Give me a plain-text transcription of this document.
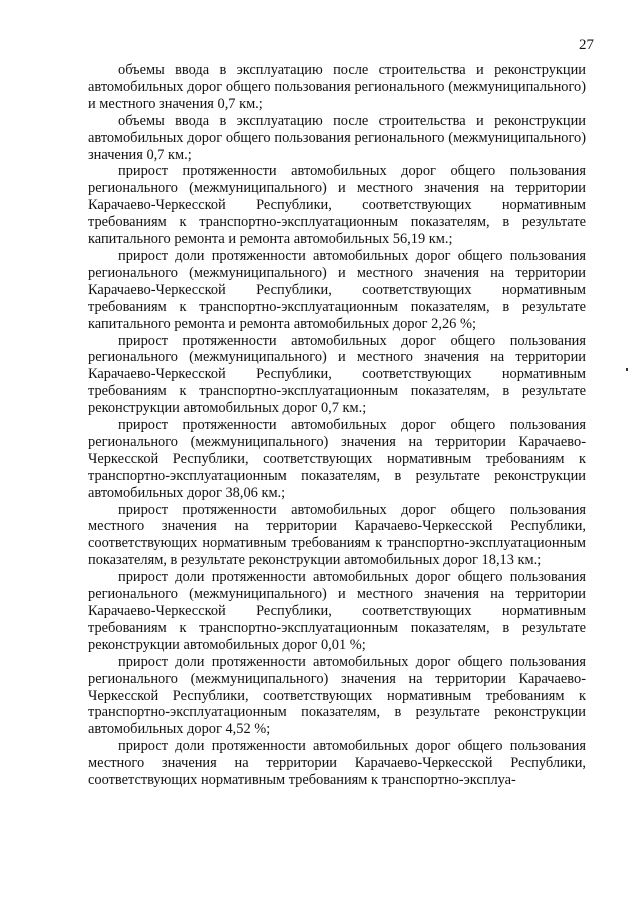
27

объемы ввода в эксплуатацию после строительства и реконструкции автомобильных дорог общего пользования регионального (межмуниципального) и местного значения 0,7 км.;

объемы ввода в эксплуатацию после строительства и реконструкции автомобильных дорог общего пользования регионального (межмуниципального) значения 0,7 км.;

прирост протяженности автомобильных дорог общего пользования регионального (межмуниципального) и местного значения на территории Карачаево-Черкесской Республики, соответствующих нормативным требованиям к транспортно-эксплуатационным показателям, в результате капитального ремонта и ремонта автомобильных 56,19 км.;

прирост доли протяженности автомобильных дорог общего пользования регионального (межмуниципального) и местного значения на территории Карачаево-Черкесской Республики, соответствующих нормативным требованиям к транспортно-эксплуатационным показателям, в результате капитального ремонта и ремонта автомобильных дорог 2,26 %;

прирост протяженности автомобильных дорог общего пользования регионального (межмуниципального) и местного значения на территории Карачаево-Черкесской Республики, соответствующих нормативным требованиям к транспортно-эксплуатационным показателям, в результате реконструкции автомобильных дорог 0,7 км.;

прирост протяженности автомобильных дорог общего пользования регионального (межмуниципального) значения на территории Карачаево-Черкесской Республики, соответствующих нормативным требованиям к транспортно-эксплуатационным показателям, в результате реконструкции автомобильных дорог 38,06 км.;

прирост протяженности автомобильных дорог общего пользования местного значения на территории Карачаево-Черкесской Республики, соответствующих нормативным требованиям к транспортно-эксплуатационным показателям, в результате реконструкции автомобильных дорог 18,13 км.;

прирост доли протяженности автомобильных дорог общего пользования регионального (межмуниципального) и местного значения на территории Карачаево-Черкесской Республики, соответствующих нормативным требованиям к транспортно-эксплуатационным показателям, в результате реконструкции автомобильных дорог 0,01 %;

прирост доли протяженности автомобильных дорог общего пользования регионального (межмуниципального) значения на территории Карачаево-Черкесской Республики, соответствующих нормативным требованиям к транспортно-эксплуатационным показателям, в результате реконструкции автомобильных дорог 4,52 %;

прирост доли протяженности автомобильных дорог общего пользования местного значения на территории Карачаево-Черкесской Республики, соответствующих нормативным требованиям к транспортно-эксплуа-
